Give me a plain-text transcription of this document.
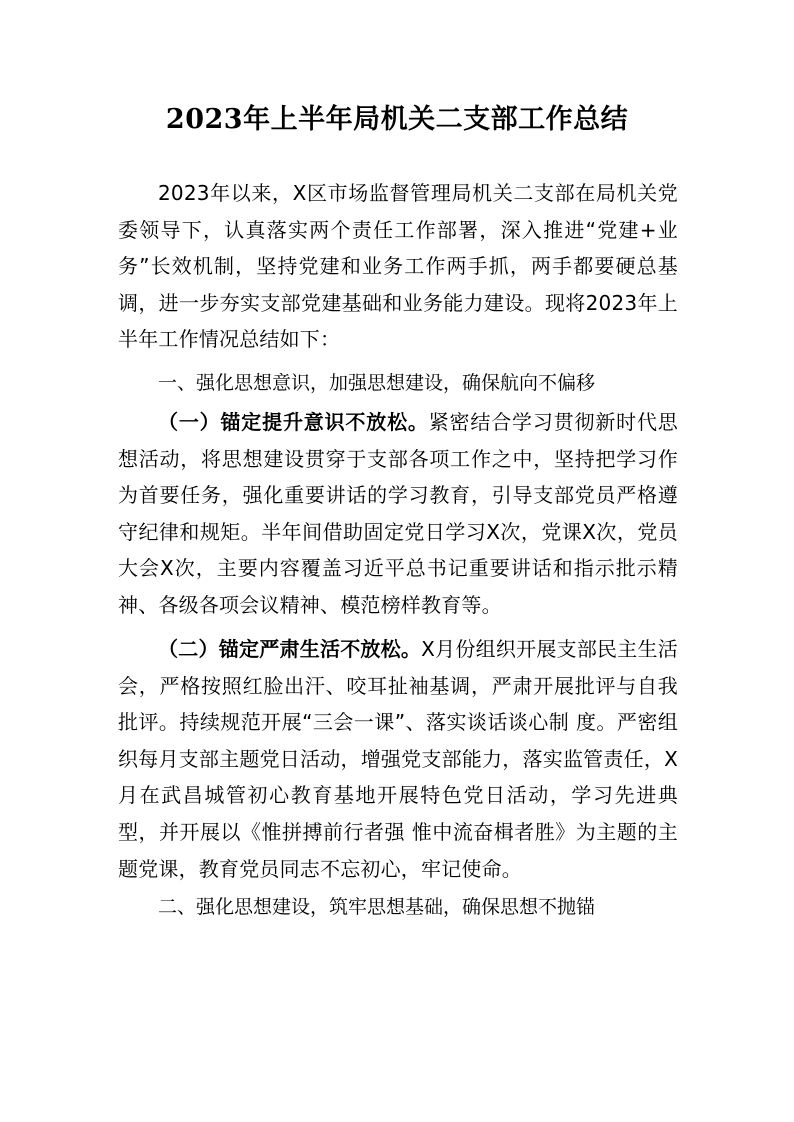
2023年上半年局机关二支部工作总结

2023年以来，X区市场监督管理局机关二支部在局机关党委领导下，认真落实两个责任工作部署，深入推进“党建+业务”长效机制，坚持党建和业务工作两手抓，两手都要硬总基调，进一步夯实支部党建基础和业务能力建设。现将2023年上半年工作情况总结如下：

一、强化思想意识，加强思想建设，确保航向不偏移

（一）锚定提升意识不放松。紧密结合学习贯彻新时代思想活动，将思想建设贯穿于支部各项工作之中，坚持把学习作为首要任务，强化重要讲话的学习教育，引导支部党员严格遵守纪律和规矩。半年间借助固定党日学习X次，党课X次，党员大会X次，主要内容覆盖习近平总书记重要讲话和指示批示精神、各级各项会议精神、模范榜样教育等。

（二）锚定严肃生活不放松。X月份组织开展支部民主生活会，严格按照红脸出汗、咬耳扯袖基调，严肃开展批评与自我批评。持续规范开展“三会一课”、落实谈话谈心制 度。严密组织每月支部主题党日活动，增强党支部能力，落实监管责任，X月在武昌城管初心教育基地开展特色党日活动，学习先进典型，并开展以《惟拼搏前行者强 惟中流奋楫者胜》为主题的主题党课，教育党员同志不忘初心，牢记使命。

二、强化思想建设，筑牢思想基础，确保思想不抛锚
